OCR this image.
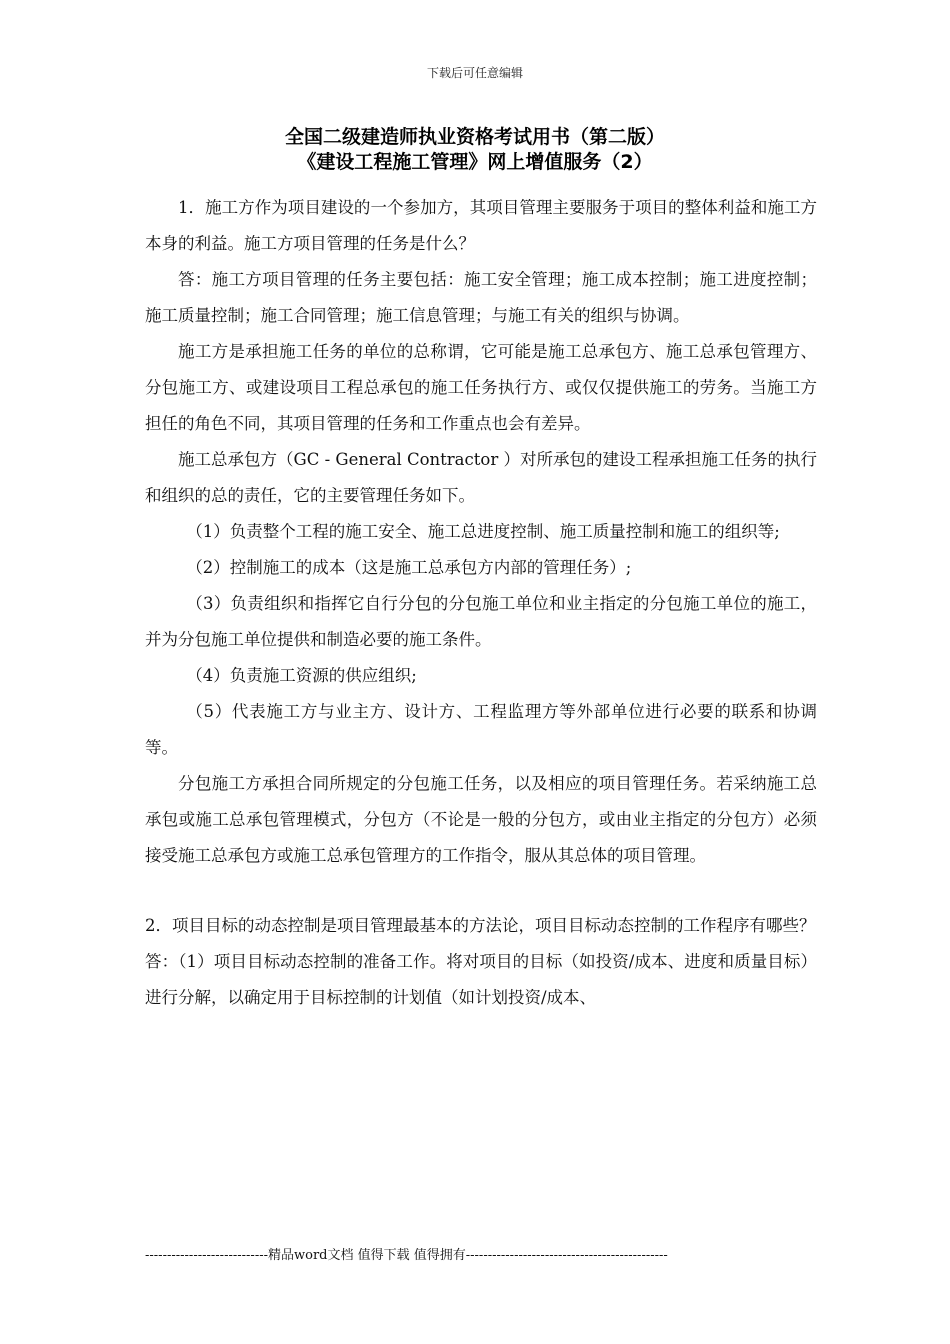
下载后可任意编辑
全国二级建造师执业资格考试用书（第二版）
《建设工程施工管理》网上增值服务（2）

1．施工方作为项目建设的一个参加方，其项目管理主要服务于项目的整体利益和施工方本身的利益。施工方项目管理的任务是什么？

答：施工方项目管理的任务主要包括：施工安全管理；施工成本控制；施工进度控制；施工质量控制；施工合同管理；施工信息管理；与施工有关的组织与协调。

施工方是承担施工任务的单位的总称谓，它可能是施工总承包方、施工总承包管理方、分包施工方、或建设项目工程总承包的施工任务执行方、或仅仅提供施工的劳务。当施工方担任的角色不同，其项目管理的任务和工作重点也会有差异。

施工总承包方（GC - General Contractor ）对所承包的建设工程承担施工任务的执行和组织的总的责任，它的主要管理任务如下。

（1）负责整个工程的施工安全、施工总进度控制、施工质量控制和施工的组织等;

（2）控制施工的成本（这是施工总承包方内部的管理任务）;

（3）负责组织和指挥它自行分包的分包施工单位和业主指定的分包施工单位的施工，并为分包施工单位提供和制造必要的施工条件。

（4）负责施工资源的供应组织;

（5）代表施工方与业主方、设计方、工程监理方等外部单位进行必要的联系和协调等。

分包施工方承担合同所规定的分包施工任务，以及相应的项目管理任务。若采纳施工总承包或施工总承包管理模式，分包方（不论是一般的分包方，或由业主指定的分包方）必须接受施工总承包方或施工总承包管理方的工作指令，服从其总体的项目管理。

2．项目目标的动态控制是项目管理最基本的方法论，项目目标动态控制的工作程序有哪些？

答：（1）项目目标动态控制的准备工作。将对项目的目标（如投资/成本、进度和质量目标）进行分解，以确定用于目标控制的计划值（如计划投资/成本、

----------------------------精品word文档 值得下载 值得拥有----------------------------------------------
